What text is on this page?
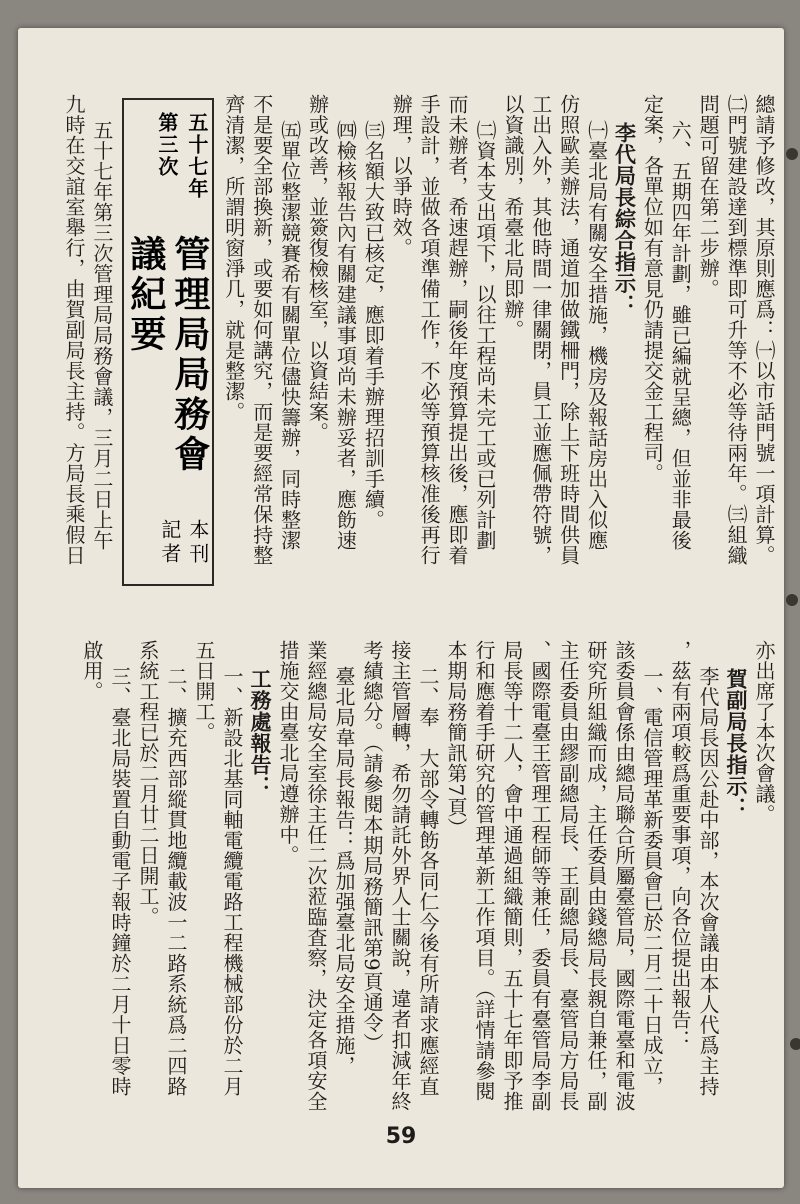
總請予修改，其原則應爲：㈠以市話門號一項計算。

㈡門號建設達到標準即可升等不必等待兩年。㈢組織

問題可留在第二步辦。

六、五期四年計劃，雖已編就呈總，但並非最後

定案，各單位如有意見仍請提交金工程司。

李代局長綜合指示：

㈠臺北局有關安全措施，機房及報話房出入似應

仿照歐美辦法，通道加做鐵柵門，除上下班時間供員

工出入外，其他時間一律關閉，員工並應佩帶符號，

以資識別，希臺北局即辦。

㈡資本支出項下，以往工程尚未完工或已列計劃

而未辦者，希速趕辦，嗣後年度預算提出後，應即着

手設計，並做各項準備工作，不必等預算核准後再行

辦理，以爭時效。

㈢名額大致已核定，應即着手辦理招訓手續。

㈣檢核報告內有關建議事項尚未辦妥者，應飭速

辦或改善，並簽復檢核室，以資結案。

㈤單位整潔競賽希有關單位儘快籌辦，同時整潔

不是要全部換新，或要如何講究，而是要經常保持整

齊清潔，所謂明窗淨几，就是整潔。

五十七年第三次
管理局局務會議紀要
本刊記者

五十七年第三次管理局局務會議，三月二日上午

九時在交誼室舉行，由賀副局長主持。方局長乘假日

亦出席了本次會議。

賀副局長指示：

李代局長因公赴中部，本次會議由本人代爲主持

，茲有兩項較爲重要事項，向各位提出報告：

一、電信管理革新委員會已於二月二十日成立，

該委員會係由總局聯合所屬臺管局，國際電臺和電波

研究所組織而成，主任委員由錢總局長親自兼任，副

主任委員由繆副總局長、王副總局長、臺管局方局長

、國際電臺王管理工程師等兼任，委員有臺管局李副

局長等十二人，會中通過組織簡則，五十七年即予推

行和應着手研究的管理革新工作項目。（詳情請參閱

本期局務簡訊第7頁）

二、奉　大部令轉飭各同仁今後有所請求應經直

接主管層轉，希勿請託外界人士關說，違者扣減年終

考績總分。（請參閱本期局務簡訊第9頁通令）

臺北局韋局長報告：爲加强臺北局安全措施，

業經總局安全室徐主任二次蒞臨査察，決定各項安全

措施交由臺北局遵辦中。

工務處報告：

一、新設北基同軸電纜電路工程機械部份於二月

五日開工。

二、擴充西部縱貫地纜載波一二路系統爲二四路

系統工程已於二月廿二日開工。

三、臺北局裝置自動電子報時鐘於二月十日零時

啟用。

59
